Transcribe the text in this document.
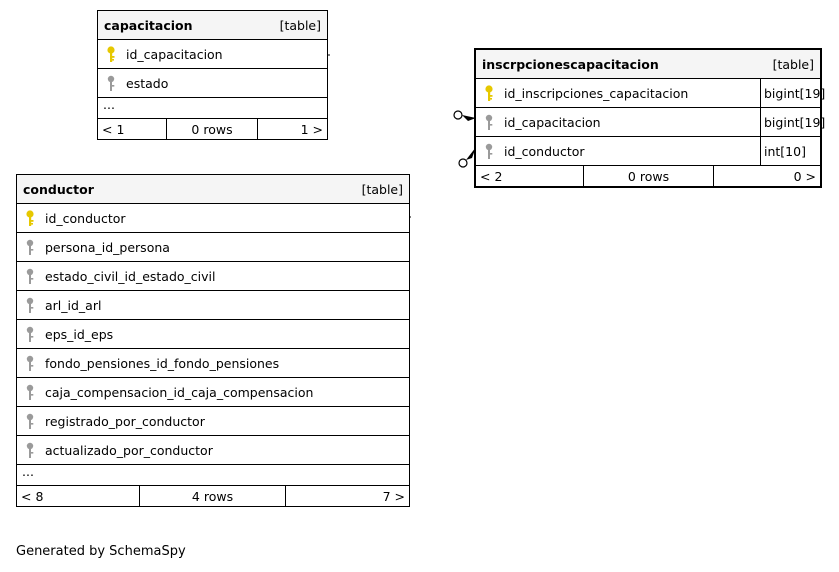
capacitacion	[table]
id_capacitacion
estado
...
< 1	0 rows	1 >
conductor	[table]
id_conductor
persona_id_persona
estado_civil_id_estado_civil
arl_id_arl
eps_id_eps
fondo_pensiones_id_fondo_pensiones
caja_compensacion_id_caja_compensacion
registrado_por_conductor
actualizado_por_conductor
...
< 8	4 rows	7 >
inscrpcionescapacitacion	[table]
id_inscripciones_capacitacion	bigint[19]
id_capacitacion	bigint[19]
id_conductor	int[10]
< 2	0 rows	0 >
Generated by SchemaSpy
